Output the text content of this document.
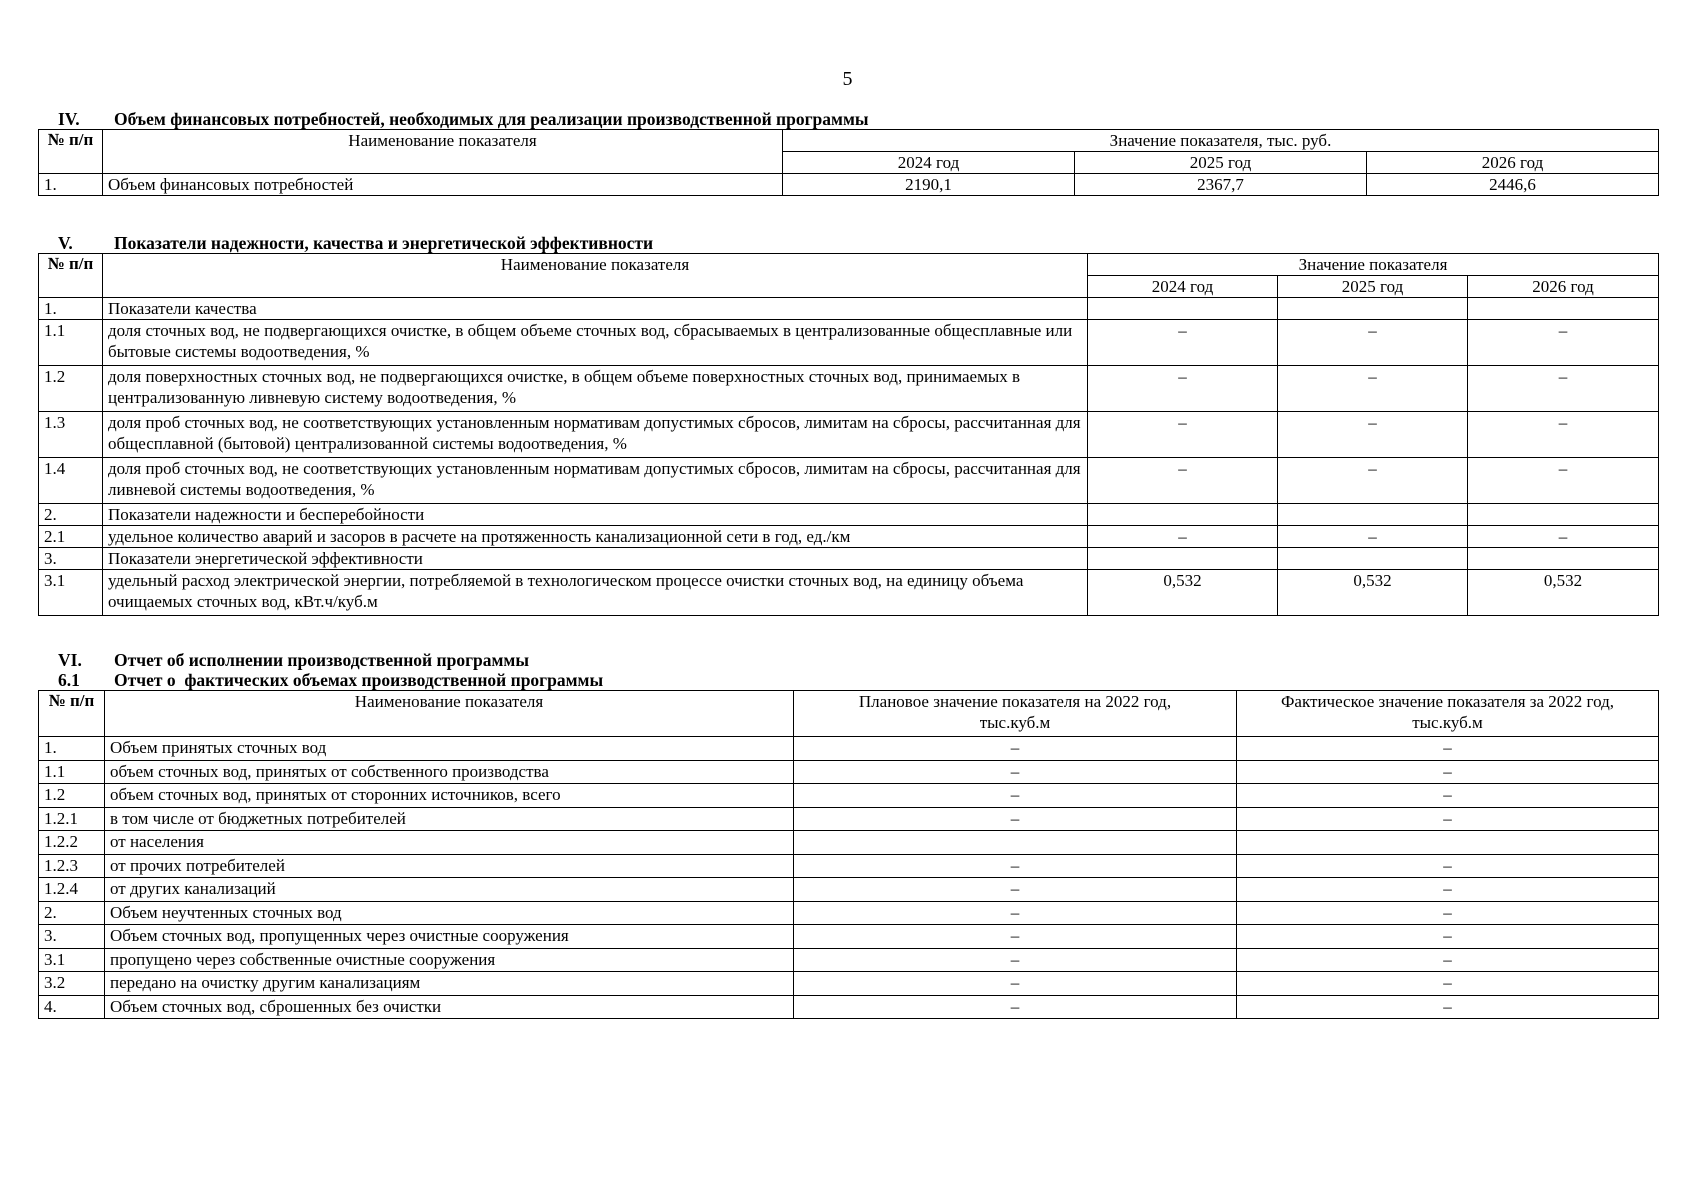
5
IV.	Объем финансовых потребностей, необходимых для реализации производственной программы
№ п/п	Наименование показателя	Значение показателя, тыс. руб.		
		2024 год	2025 год	2026 год
1.	Объем финансовых потребностей	2190,1	2367,7	2446,6
V.	Показатели надежности, качества и энергетической эффективности
№ п/п	Наименование показателя	Значение показателя		
		2024 год	2025 год	2026 год
1.	Показатели качества			
1.1	доля сточных вод, не подвергающихся очистке, в общем объеме сточных вод, сбрасываемых в централизованные общесплавные или бытовые системы водоотведения, %	–	–	–
1.2	доля поверхностных сточных вод, не подвергающихся очистке, в общем объеме поверхностных сточных вод, принимаемых в централизованную ливневую систему водоотведения, %	–	–	–
1.3	доля проб сточных вод, не соответствующих установленным нормативам допустимых сбросов, лимитам на сбросы, рассчитанная для общесплавной (бытовой) централизованной системы водоотведения, %	–	–	–
1.4	доля проб сточных вод, не соответствующих установленным нормативам допустимых сбросов, лимитам на сбросы, рассчитанная для ливневой системы водоотведения, %	–	–	–
2.	Показатели надежности и бесперебойности			
2.1	удельное количество аварий и засоров в расчете на протяженность канализационной сети в год, ед./км	–	–	–
3.	Показатели энергетической эффективности			
3.1	удельный расход электрической энергии, потребляемой в технологическом процессе очистки сточных вод, на единицу объема очищаемых сточных вод, кВт.ч/куб.м	0,532	0,532	0,532
VI.	Отчет об исполнении производственной программы
6.1	Отчет о  фактических объемах производственной программы
№ п/п	Наименование показателя	Плановое значение показателя на 2022 год, тыс.куб.м	Фактическое значение показателя за 2022 год, тыс.куб.м
1.	Объем принятых сточных вод	–	–
1.1	объем сточных вод, принятых от собственного производства	–	–
1.2	объем сточных вод, принятых от сторонних источников, всего	–	–
1.2.1	в том числе от бюджетных потребителей	–	–
1.2.2	от населения		
1.2.3	от прочих потребителей	–	–
1.2.4	от других канализаций	–	–
2.	Объем неучтенных сточных вод	–	–
3.	Объем сточных вод, пропущенных через очистные сооружения	–	–
3.1	пропущено через собственные очистные сооружения	–	–
3.2	передано на очистку другим канализациям	–	–
4.	Объем сточных вод, сброшенных без очистки	–	–
